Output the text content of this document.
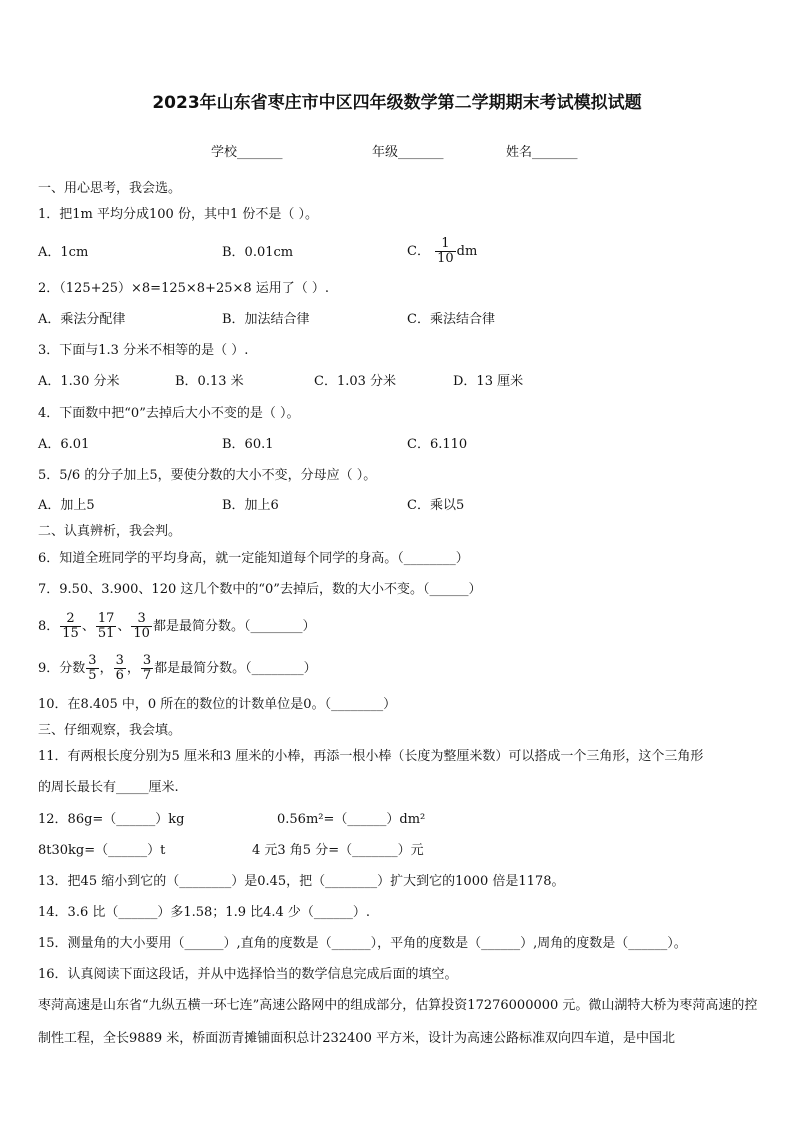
2023年山东省枣庄市中区四年级数学第二学期期末考试模拟试题
学校_______	年级_______	姓名_______
一、用心思考，我会选。
1．把1m 平均分成100 份，其中1 份不是（ ）。
A．1cm	B．0.01cm	C． $\frac{1}{10}$ dm
2．（125+25）×8=125×8+25×8 运用了（ ）.
A．乘法分配律	B．加法结合律	C．乘法结合律
3．下面与1.3 分米不相等的是（ ）.
A．1.30 分米	B．0.13 米	C．1.03 分米	D．13 厘米
4．下面数中把“0”去掉后大小不变的是（ ）。
A．6.01	B．60.1	C．6.110
5．5/6 的分子加上5，要使分数的大小不变，分母应（ ）。
A．加上5	B．加上6	C．乘以5
二、认真辨析，我会判。
6．知道全班同学的平均身高，就一定能知道每个同学的身高。（________）
7．9.50、3.900、120 这几个数中的“0”去掉后，数的大小不变。（______）
8． $\frac{2}{15}$ 、 $\frac{17}{51}$ 、 $\frac{3}{10}$ 都是最简分数。（________）
9．分数 $\frac{3}{5}$ ， $\frac{3}{6}$ ， $\frac{3}{7}$ 都是最简分数。（________）
10．在8.405 中，0 所在的数位的计数单位是0。（________）
三、仔细观察，我会填。
11．有两根长度分别为5 厘米和3 厘米的小棒，再添一根小棒（长度为整厘米数）可以搭成一个三角形，这个三角形
的周长最长有_____厘米.
12．86g=（______）kg	0.56m²=（______）dm²
8t30kg=（______）t	4 元3 角5 分=（_______）元
13．把45 缩小到它的（________）是0.45，把（________）扩大到它的1000 倍是1178。
14．3.6 比（______）多1.58；1.9 比4.4 少（______）.
15．测量角的大小要用（______）,直角的度数是（______），平角的度数是（______）,周角的度数是（______）。
16．认真阅读下面这段话，并从中选择恰当的数学信息完成后面的填空。
枣菏高速是山东省“九纵五横一环七连”高速公路网中的组成部分，估算投资17276000000 元。微山湖特大桥为枣菏高速的控制性工程，全长9889 米，桥面沥青摊铺面积总计232400 平方米，设计为高速公路标准双向四车道，是中国北
